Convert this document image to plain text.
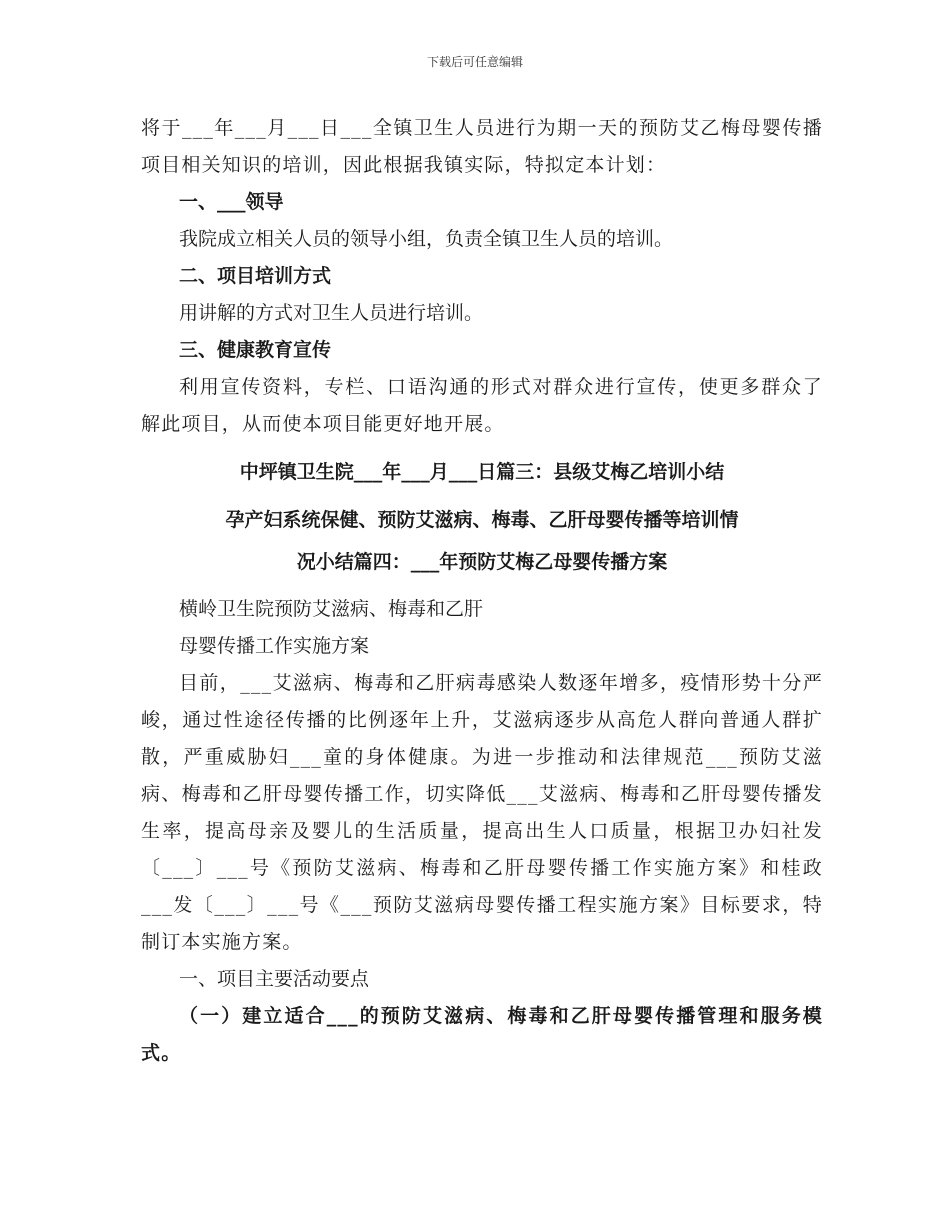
下载后可任意编辑

将于___年___月___日___全镇卫生人员进行为期一天的预防艾乙梅母婴传播项目相关知识的培训，因此根据我镇实际，特拟定本计划：

一、___领导

我院成立相关人员的领导小组，负责全镇卫生人员的培训。

二、项目培训方式

用讲解的方式对卫生人员进行培训。

三、健康教育宣传

利用宣传资料，专栏、口语沟通的形式对群众进行宣传，使更多群众了解此项目，从而使本项目能更好地开展。

中坪镇卫生院___年___月___日篇三：县级艾梅乙培训小结

孕产妇系统保健、预防艾滋病、梅毒、乙肝母婴传播等培训情

况小结篇四：___年预防艾梅乙母婴传播方案

横岭卫生院预防艾滋病、梅毒和乙肝

母婴传播工作实施方案

目前，___艾滋病、梅毒和乙肝病毒感染人数逐年增多，疫情形势十分严峻，通过性途径传播的比例逐年上升，艾滋病逐步从高危人群向普通人群扩散，严重威胁妇___童的身体健康。为进一步推动和法律规范___预防艾滋病、梅毒和乙肝母婴传播工作，切实降低___艾滋病、梅毒和乙肝母婴传播发生率，提高母亲及婴儿的生活质量，提高出生人口质量，根据卫办妇社发〔___〕___号《预防艾滋病、梅毒和乙肝母婴传播工作实施方案》和桂政___发〔___〕___号《___预防艾滋病母婴传播工程实施方案》目标要求，特制订本实施方案。

一、项目主要活动要点

（一）建立适合___的预防艾滋病、梅毒和乙肝母婴传播管理和服务模式。
